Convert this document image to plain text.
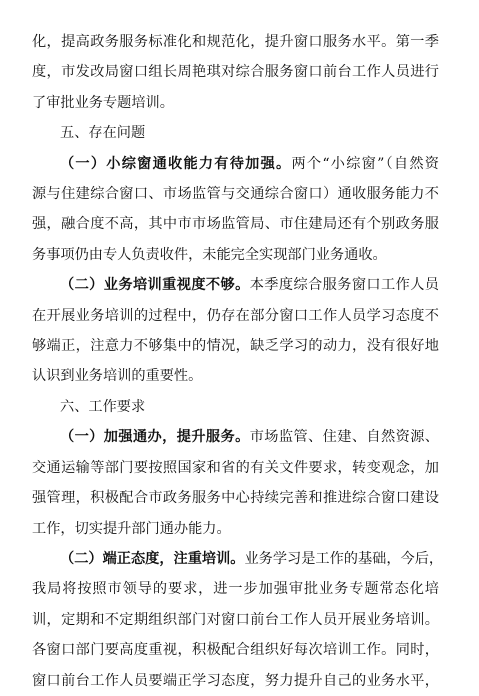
化，提高政务服务标准化和规范化，提升窗口服务水平。第一季
度，市发改局窗口组长周艳琪对综合服务窗口前台工作人员进行
了审批业务专题培训。
五、存在问题
（一）小综窗通收能力有待加强。两个“小综窗”（自然资
源与住建综合窗口、市场监管与交通综合窗口）通收服务能力不
强，融合度不高，其中市市场监管局、市住建局还有个别政务服
务事项仍由专人负责收件，未能完全实现部门业务通收。
（二）业务培训重视度不够。本季度综合服务窗口工作人员
在开展业务培训的过程中，仍存在部分窗口工作人员学习态度不
够端正，注意力不够集中的情况，缺乏学习的动力，没有很好地
认识到业务培训的重要性。
六、工作要求
（一）加强通办，提升服务。市场监管、住建、自然资源、
交通运输等部门要按照国家和省的有关文件要求，转变观念，加
强管理，积极配合市政务服务中心持续完善和推进综合窗口建设
工作，切实提升部门通办能力。
（二）端正态度，注重培训。业务学习是工作的基础，今后，
我局将按照市领导的要求，进一步加强审批业务专题常态化培
训，定期和不定期组织部门对窗口前台工作人员开展业务培训。
各窗口部门要高度重视，积极配合组织好每次培训工作。同时，
窗口前台工作人员要端正学习态度，努力提升自己的业务水平，
